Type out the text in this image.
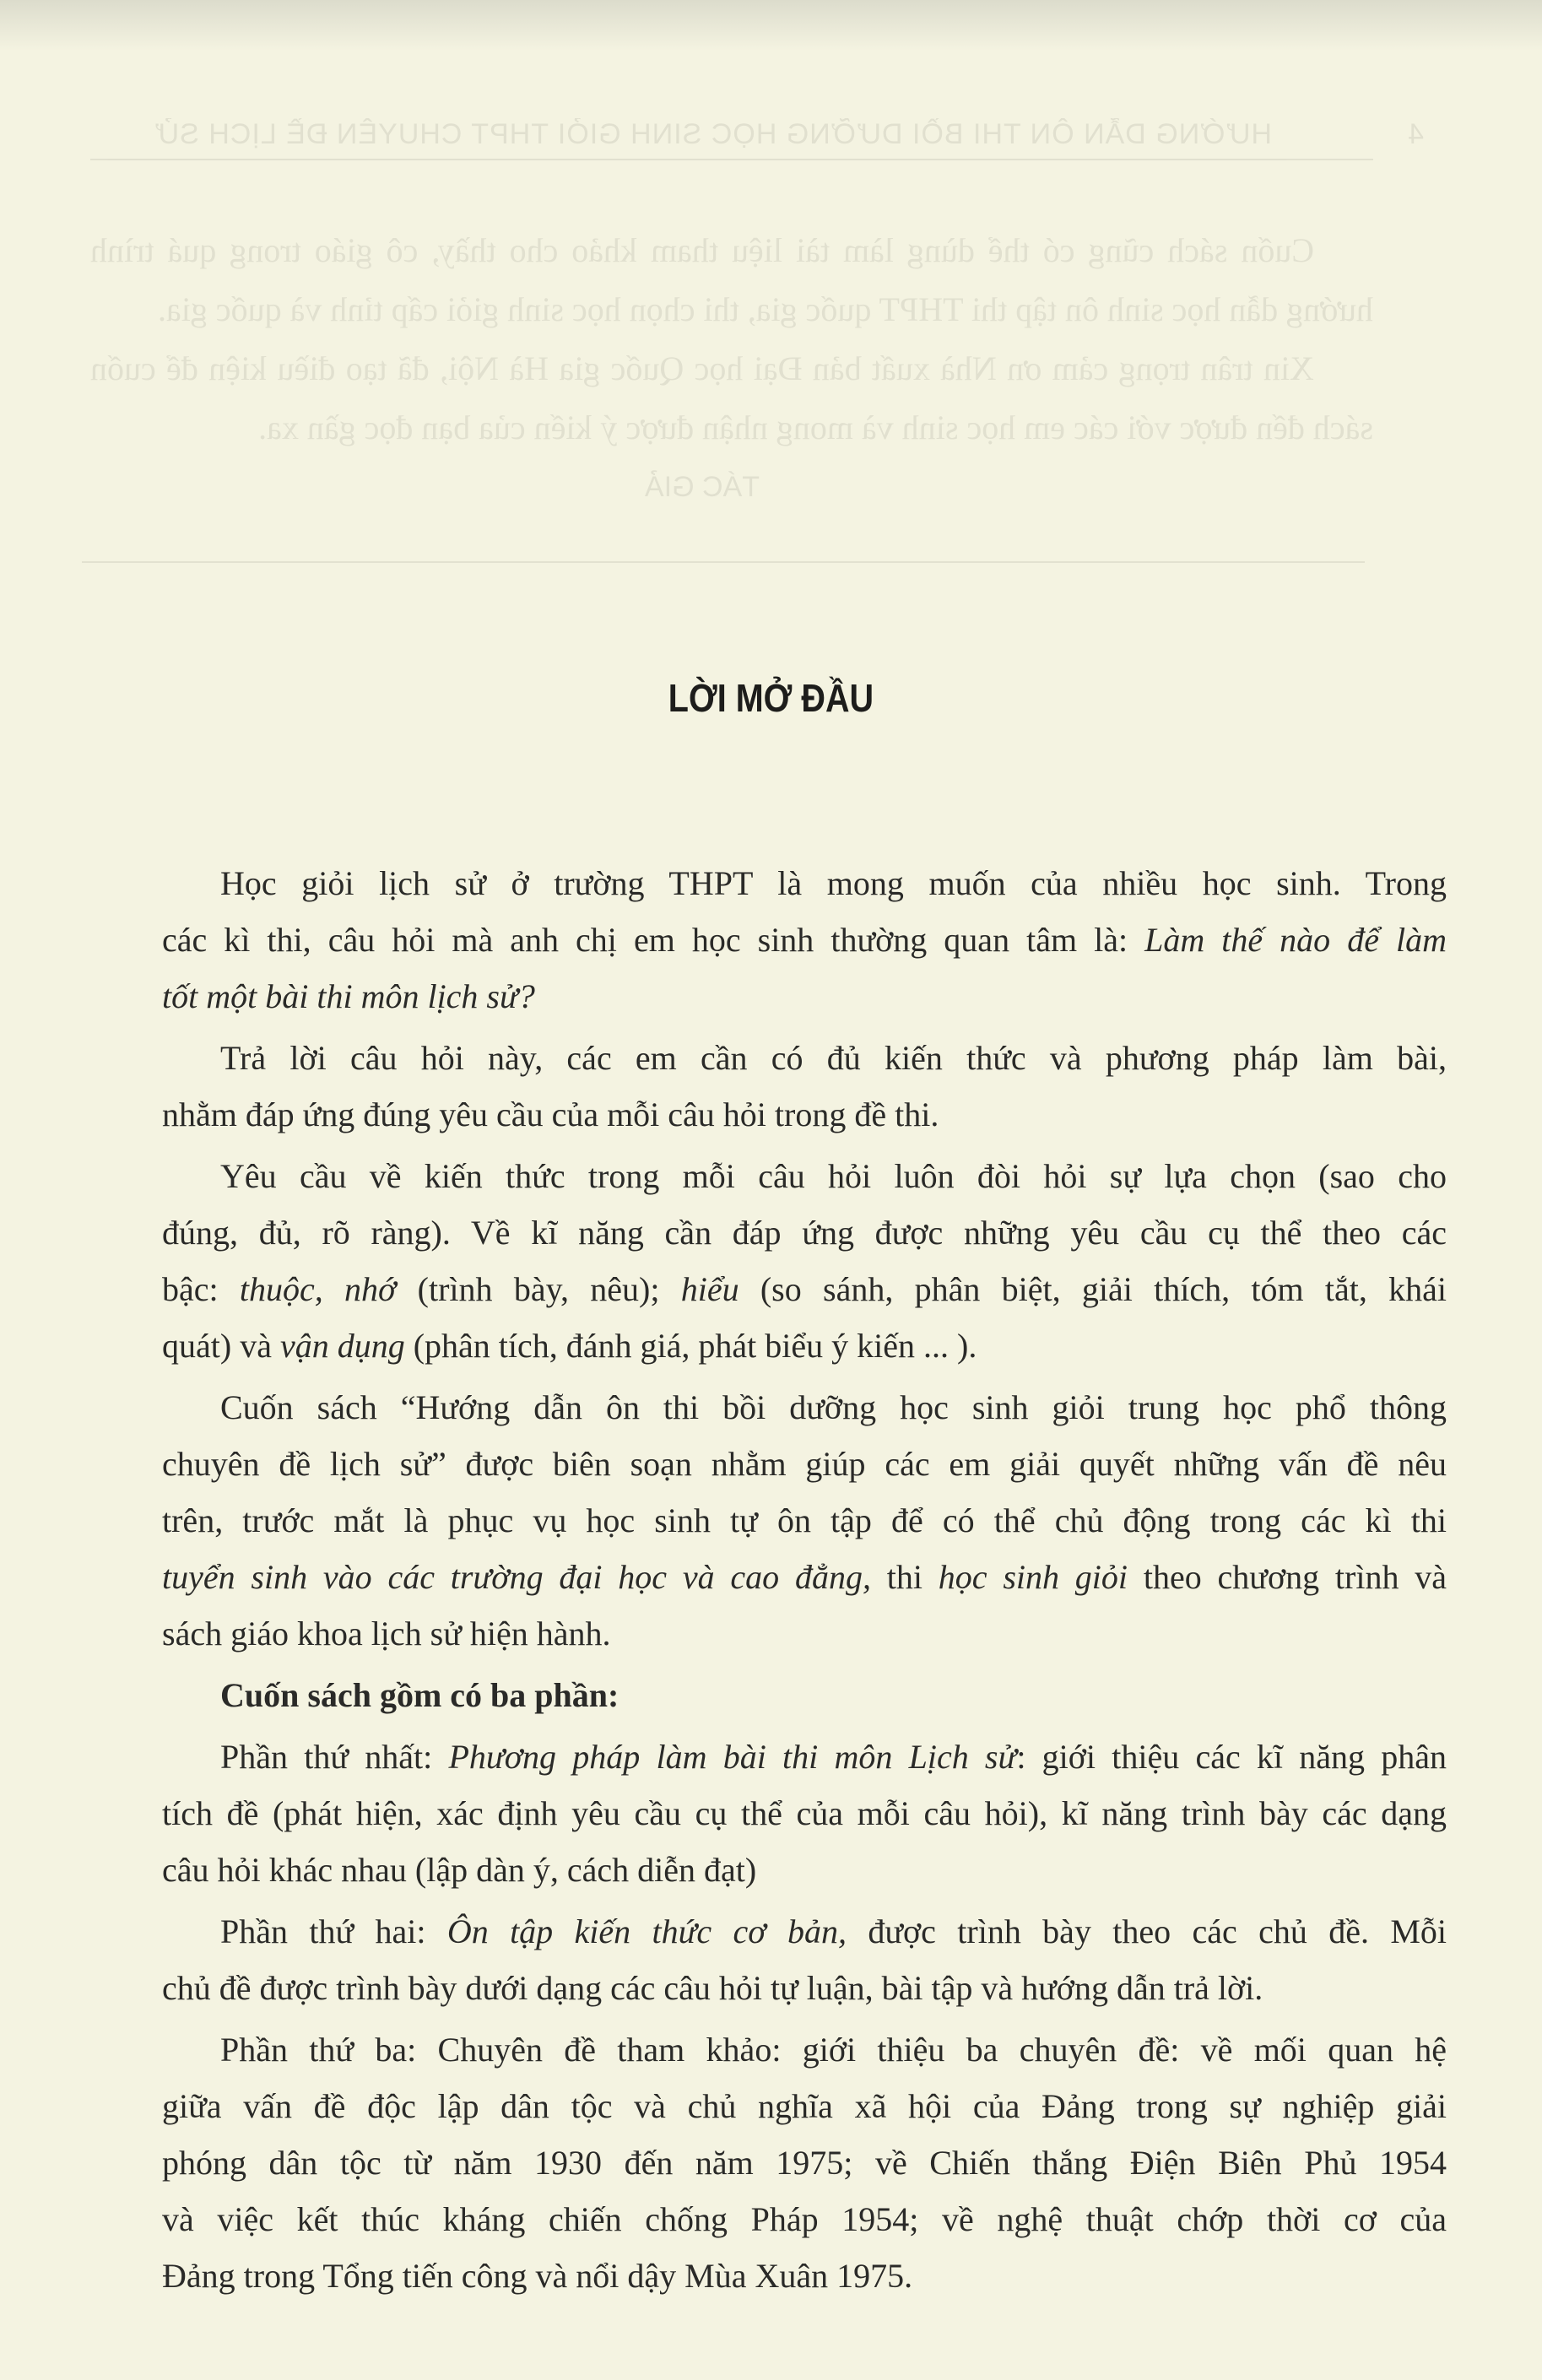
4
HƯỚNG DẪN ÔN THI BỒI DƯỠNG HỌC SINH GIỎI THPT CHUYÊN ĐỀ LỊCH SỬ

Cuốn sách cũng có thể dùng làm tài liệu tham khảo cho thầy, cô giáo trong quá trình hướng dẫn học sinh ôn tập thi THPT quốc gia, thi chọn học sinh giỏi cấp tỉnh và quốc gia.

Xin trân trọng cảm ơn Nhà xuất bản Đại học Quốc gia Hà Nội, đã tạo điều kiện để cuốn sách đến được với các em học sinh và mong nhận được ý kiến của bạn đọc gần xa.

TÁC GIẢ

LỜI MỞ ĐẦU
Học giỏi lịch sử ở trường THPT là mong muốn của nhiều học sinh. Trong
các kì thi, câu hỏi mà anh chị em học sinh thường quan tâm là: Làm thế nào để làm
tốt một bài thi môn lịch sử?
Trả lời câu hỏi này, các em cần có đủ kiến thức và phương pháp làm bài,
nhằm đáp ứng đúng yêu cầu của mỗi câu hỏi trong đề thi.
Yêu cầu về kiến thức trong mỗi câu hỏi luôn đòi hỏi sự lựa chọn (sao cho
đúng, đủ, rõ ràng). Về kĩ năng cần đáp ứng được những yêu cầu cụ thể theo các
bậc: thuộc, nhớ (trình bày, nêu); hiểu (so sánh, phân biệt, giải thích, tóm tắt, khái
quát) và vận dụng (phân tích, đánh giá, phát biểu ý kiến ... ).
Cuốn sách “Hướng dẫn ôn thi bồi dưỡng học sinh giỏi trung học phổ thông
chuyên đề lịch sử” được biên soạn nhằm giúp các em giải quyết những vấn đề nêu
trên, trước mắt là phục vụ học sinh tự ôn tập để có thể chủ động trong các kì thi
tuyển sinh vào các trường đại học và cao đẳng, thi học sinh giỏi theo chương trình và
sách giáo khoa lịch sử hiện hành.
Cuốn sách gồm có ba phần:
Phần thứ nhất: Phương pháp làm bài thi môn Lịch sử: giới thiệu các kĩ năng phân
tích đề (phát hiện, xác định yêu cầu cụ thể của mỗi câu hỏi), kĩ năng trình bày các dạng
câu hỏi khác nhau (lập dàn ý, cách diễn đạt)
Phần thứ hai: Ôn tập kiến thức cơ bản, được trình bày theo các chủ đề. Mỗi
chủ đề được trình bày dưới dạng các câu hỏi tự luận, bài tập và hướng dẫn trả lời.
Phần thứ ba: Chuyên đề tham khảo: giới thiệu ba chuyên đề: về mối quan hệ
giữa vấn đề độc lập dân tộc và chủ nghĩa xã hội của Đảng trong sự nghiệp giải
phóng dân tộc từ năm 1930 đến năm 1975; về Chiến thắng Điện Biên Phủ 1954
và việc kết thúc kháng chiến chống Pháp 1954; về nghệ thuật chớp thời cơ của
Đảng trong Tổng tiến công và nổi dậy Mùa Xuân 1975.
